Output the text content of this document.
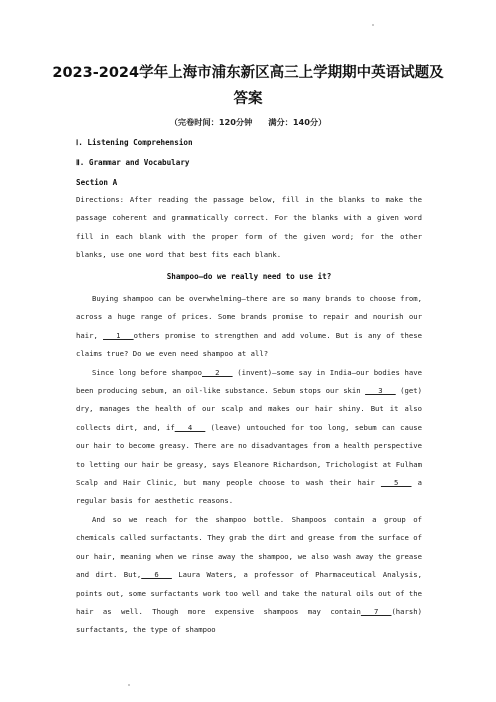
2023-2024学年上海市浦东新区高三上学期期中英语试题及
答案
（完卷时间：120分钟 满分：140分）
Ⅰ. Listening Comprehension
Ⅱ. Grammar and Vocabulary
Section A

Directions: After reading the passage below, fill in the blanks to make the passage coherent and grammatically correct. For the blanks with a given word fill in each blank with the proper form of the given word; for the other blanks, use one word that best fits each blank.

Shampoo—do we really need to use it?

Buying shampoo can be overwhelming—there are so many brands to choose from, across a huge range of prices. Some brands promise to repair and nourish our hair, ___1___others promise to strengthen and add volume. But is any of these claims true? Do we even need shampoo at all?

Since long before shampoo___2___ (invent)—some say in India—our bodies have been producing sebum, an oil-like substance. Sebum stops our skin ___3___ (get) dry, manages the health of our scalp and makes our hair shiny. But it also collects dirt, and, if___4___ (leave) untouched for too long, sebum can cause our hair to become greasy. There are no disadvantages from a health perspective to letting our hair be greasy, says Eleanore Richardson, Trichologist at Fulham Scalp and Hair Clinic, but many people choose to wash their hair ___5___ a regular basis for aesthetic reasons.

And so we reach for the shampoo bottle. Shampoos contain a group of chemicals called surfactants. They grab the dirt and grease from the surface of our hair, meaning when we rinse away the shampoo, we also wash away the grease and dirt. But,___6___ Laura Waters, a professor of Pharmaceutical Analysis, points out, some surfactants work too well and take the natural oils out of the hair as well. Though more expensive shampoos may contain___7___(harsh) surfactants, the type of shampoo
